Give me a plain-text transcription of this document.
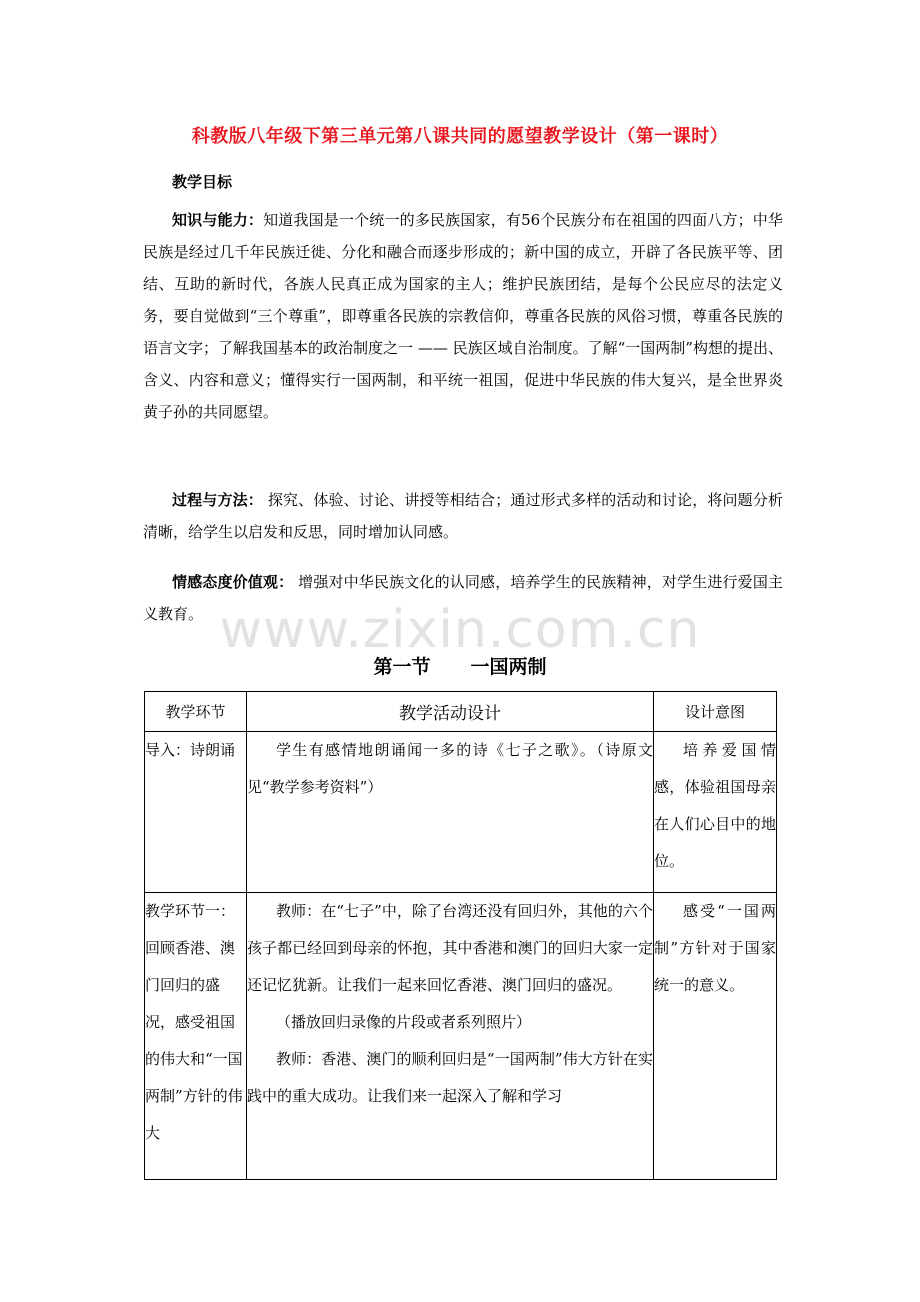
科教版八年级下第三单元第八课共同的愿望教学设计（第一课时）
教学目标

知识与能力：知道我国是一个统一的多民族国家，有56个民族分布在祖国的四面八方；中华民族是经过几千年民族迁徙、分化和融合而逐步形成的；新中国的成立，开辟了各民族平等、团结、互助的新时代，各族人民真正成为国家的主人；维护民族团结，是每个公民应尽的法定义务，要自觉做到“三个尊重”，即尊重各民族的宗教信仰，尊重各民族的风俗习惯，尊重各民族的语言文字；了解我国基本的政治制度之一 —— 民族区域自治制度。了解“一国两制”构想的提出、含义、内容和意义；懂得实行一国两制，和平统一祖国，促进中华民族的伟大复兴，是全世界炎黄子孙的共同愿望。

过程与方法： 探究、体验、讨论、讲授等相结合；通过形式多样的活动和讨论，将问题分析清晰，给学生以启发和反思，同时增加认同感。

情感态度价值观： 增强对中华民族文化的认同感，培养学生的民族精神，对学生进行爱国主义教育。 www.zixin.com.cn
第一节 一国两制
教学环节	教学活动设计	设计意图
导入：诗朗诵	学生有感情地朗诵闻一多的诗《七子之歌》。（诗原文见“教学参考资料”）	培养爱国情感，体验祖国母亲在人们心目中的地位。

教学环节一：回顾香港、澳门回归的盛况，感受祖国的伟大和“一国两制”方针的伟大	教师：在“七子”中，除了台湾还没有回归外，其他的六个孩子都已经回到母亲的怀抱，其中香港和澳门的回归大家一定还记忆犹新。让我们一起来回忆香港、澳门回归的盛况。

（播放回归录像的片段或者系列照片）

教师：香港、澳门的顺利回归是“一国两制”伟大方针在实践中的重大成功。让我们来一起深入了解和学习	感受“一国两制”方针对于国家统一的意义。
